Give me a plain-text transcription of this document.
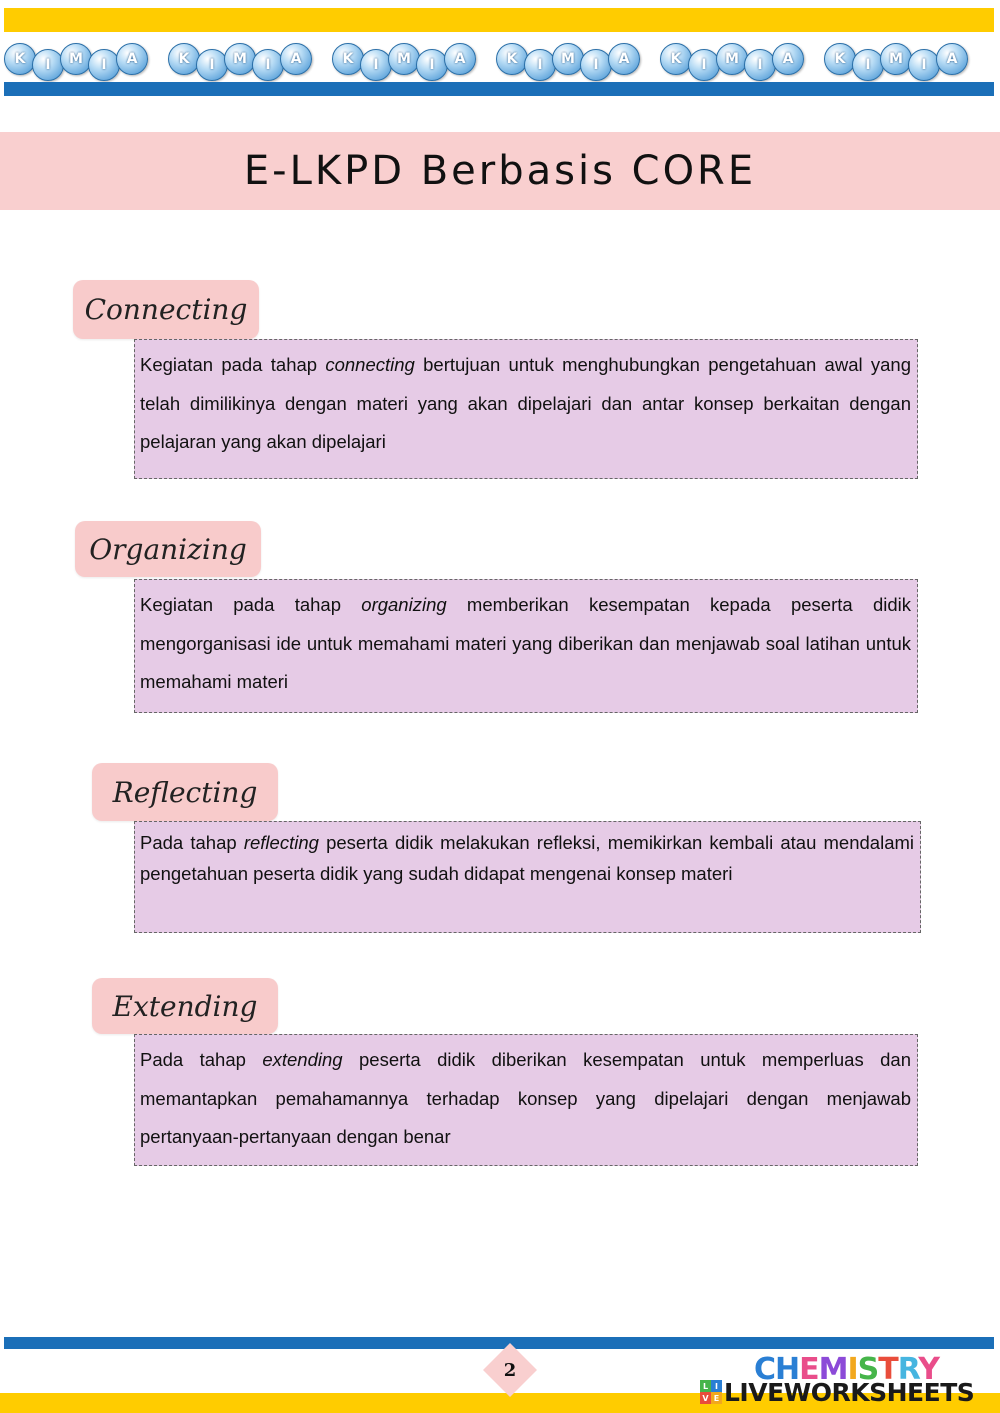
K	I	M	I	A	K	I	M	I	A	K	I	M	I	A	K	I	M	I	A	K	I	M	I	A	K	I	M	I	A
E-LKPD Berbasis CORE
Connecting
Kegiatan pada tahap connecting bertujuan untuk menghubungkan pengetahuan awal yang telah dimilikinya dengan materi yang akan dipelajari dan antar konsep berkaitan dengan pelajaran yang akan dipelajari
Organizing
Kegiatan pada tahap organizing memberikan kesempatan kepada peserta didik mengorganisasi ide untuk memahami materi yang diberikan dan menjawab soal latihan untuk memahami materi
Reflecting
Pada tahap reflecting peserta didik melakukan refleksi, memikirkan kembali atau mendalami pengetahuan peserta didik yang sudah didapat mengenai konsep materi
Extending
Pada tahap extending peserta didik diberikan kesempatan untuk memperluas dan memantapkan pemahamannya terhadap konsep yang dipelajari dengan menjawab pertanyaan-pertanyaan dengan benar
2	CHEMISTRY
L I
V E LIVEWORKSHEETS
